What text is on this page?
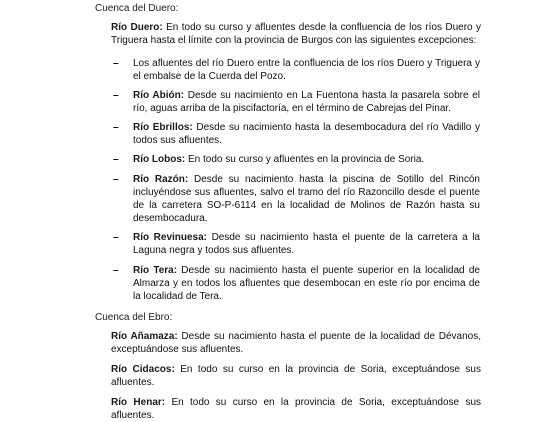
Cuenca del Duero:

Río Duero: En todo su curso y afluentes desde la confluencia de los ríos Duero y Triguera hasta el límite con la provincia de Burgos con las siguientes excepciones:

– Los afluentes del río Duero entre la confluencia de los ríos Duero y Triguera y el embalse de la Cuerda del Pozo.

– Río Abión: Desde su nacimiento en La Fuentona hasta la pasarela sobre el río, aguas arriba de la piscifactoría, en el término de Cabrejas del Pinar.

– Río Ebrillos: Desde su nacimiento hasta la desembocadura del río Vadillo y todos sus afluentes.

– Río Lobos: En todo su curso y afluentes en la provincia de Soria.

– Río Razón: Desde su nacimiento hasta la piscina de Sotillo del Rincón incluyéndose sus afluentes, salvo el tramo del río Razoncillo desde el puente de la carretera SO-P-6114 en la localidad de Molinos de Razón hasta su desembocadura.

– Río Revinuesa: Desde su nacimiento hasta el puente de la carretera a la Laguna negra y todos sus afluentes.

– Río Tera: Desde su nacimiento hasta el puente superior en la localidad de Almarza y en todos los afluentes que desembocan en este río por encima de la localidad de Tera.

Cuenca del Ebro:

Río Añamaza: Desde su nacimiento hasta el puente de la localidad de Dévanos, exceptuándose sus afluentes.

Río Cidacos: En todo su curso en la provincia de Soria, exceptuándose sus afluentes.

Río Henar: En todo su curso en la provincia de Soria, exceptuándose sus afluentes.
